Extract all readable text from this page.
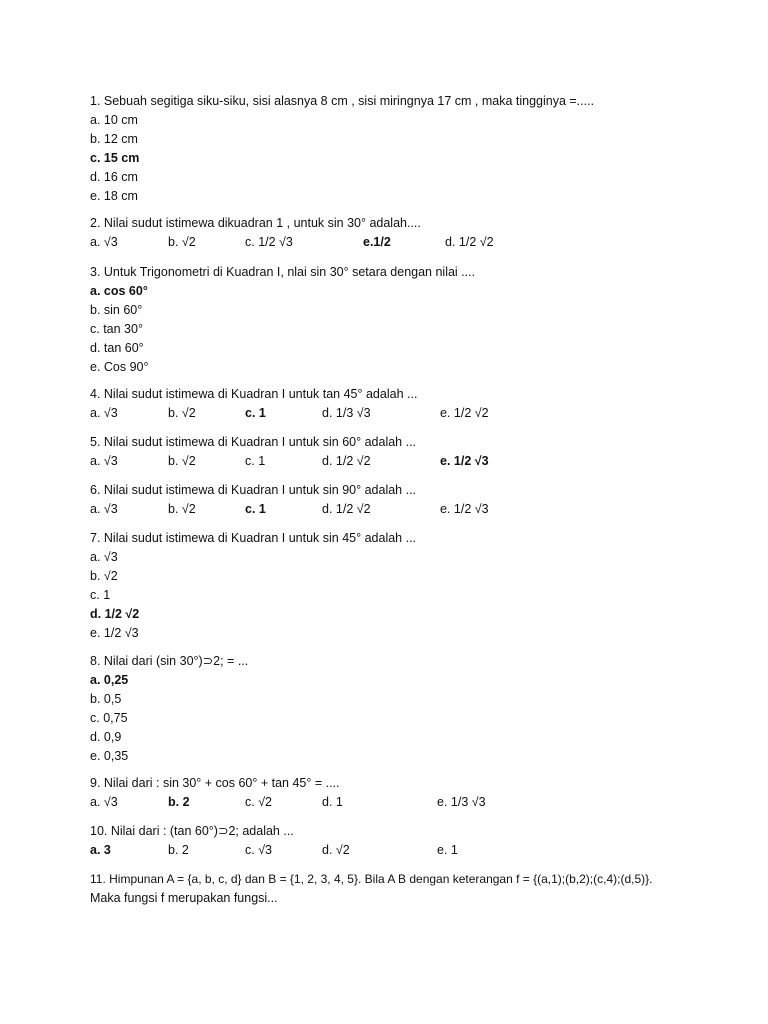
1. Sebuah segitiga siku-siku, sisi alasnya 8 cm , sisi miringnya 17 cm , maka tingginya =.....
a. 10 cm
b. 12 cm
c. 15 cm
d. 16 cm
e. 18 cm
2. Nilai sudut istimewa dikuadran 1 , untuk sin 30° adalah....
a. √3	b. √2	c. 1/2 √3	e.1/2	d. 1/2 √2
3. Untuk Trigonometri di Kuadran I, nlai sin 30° setara dengan nilai ....
a. cos 60°
b. sin 60°
c. tan 30°
d. tan 60°
e. Cos 90°
4. Nilai sudut istimewa di Kuadran I untuk tan 45° adalah ...
a. √3	b. √2	c. 1	d. 1/3 √3	e. 1/2 √2
5. Nilai sudut istimewa di Kuadran I untuk sin 60° adalah ...
a. √3	b. √2	c. 1	d. 1/2 √2	e. 1/2 √3
6. Nilai sudut istimewa di Kuadran I untuk sin 90° adalah ...
a. √3	b. √2	c. 1	d. 1/2 √2	e. 1/2 √3
7. Nilai sudut istimewa di Kuadran I untuk sin 45° adalah ...
a. √3
b. √2
c. 1
d. 1/2 √2
e. 1/2 √3
8. Nilai dari (sin 30°)⊃2; = ...
a. 0,25
b. 0,5
c. 0,75
d. 0,9
e. 0,35
9. Nilai dari : sin 30° + cos 60° + tan 45° = ....
a. √3	b. 2	c. √2	d. 1	e. 1/3 √3
10. Nilai dari : (tan 60°)⊃2; adalah ...
a. 3	b. 2	c. √3	d. √2	e. 1
11. Himpunan A = {a, b, c, d} dan B = {1, 2, 3, 4, 5}. Bila A B dengan keterangan f = {(a,1);(b,2);(c,4);(d,5)}.
Maka fungsi f merupakan fungsi...
